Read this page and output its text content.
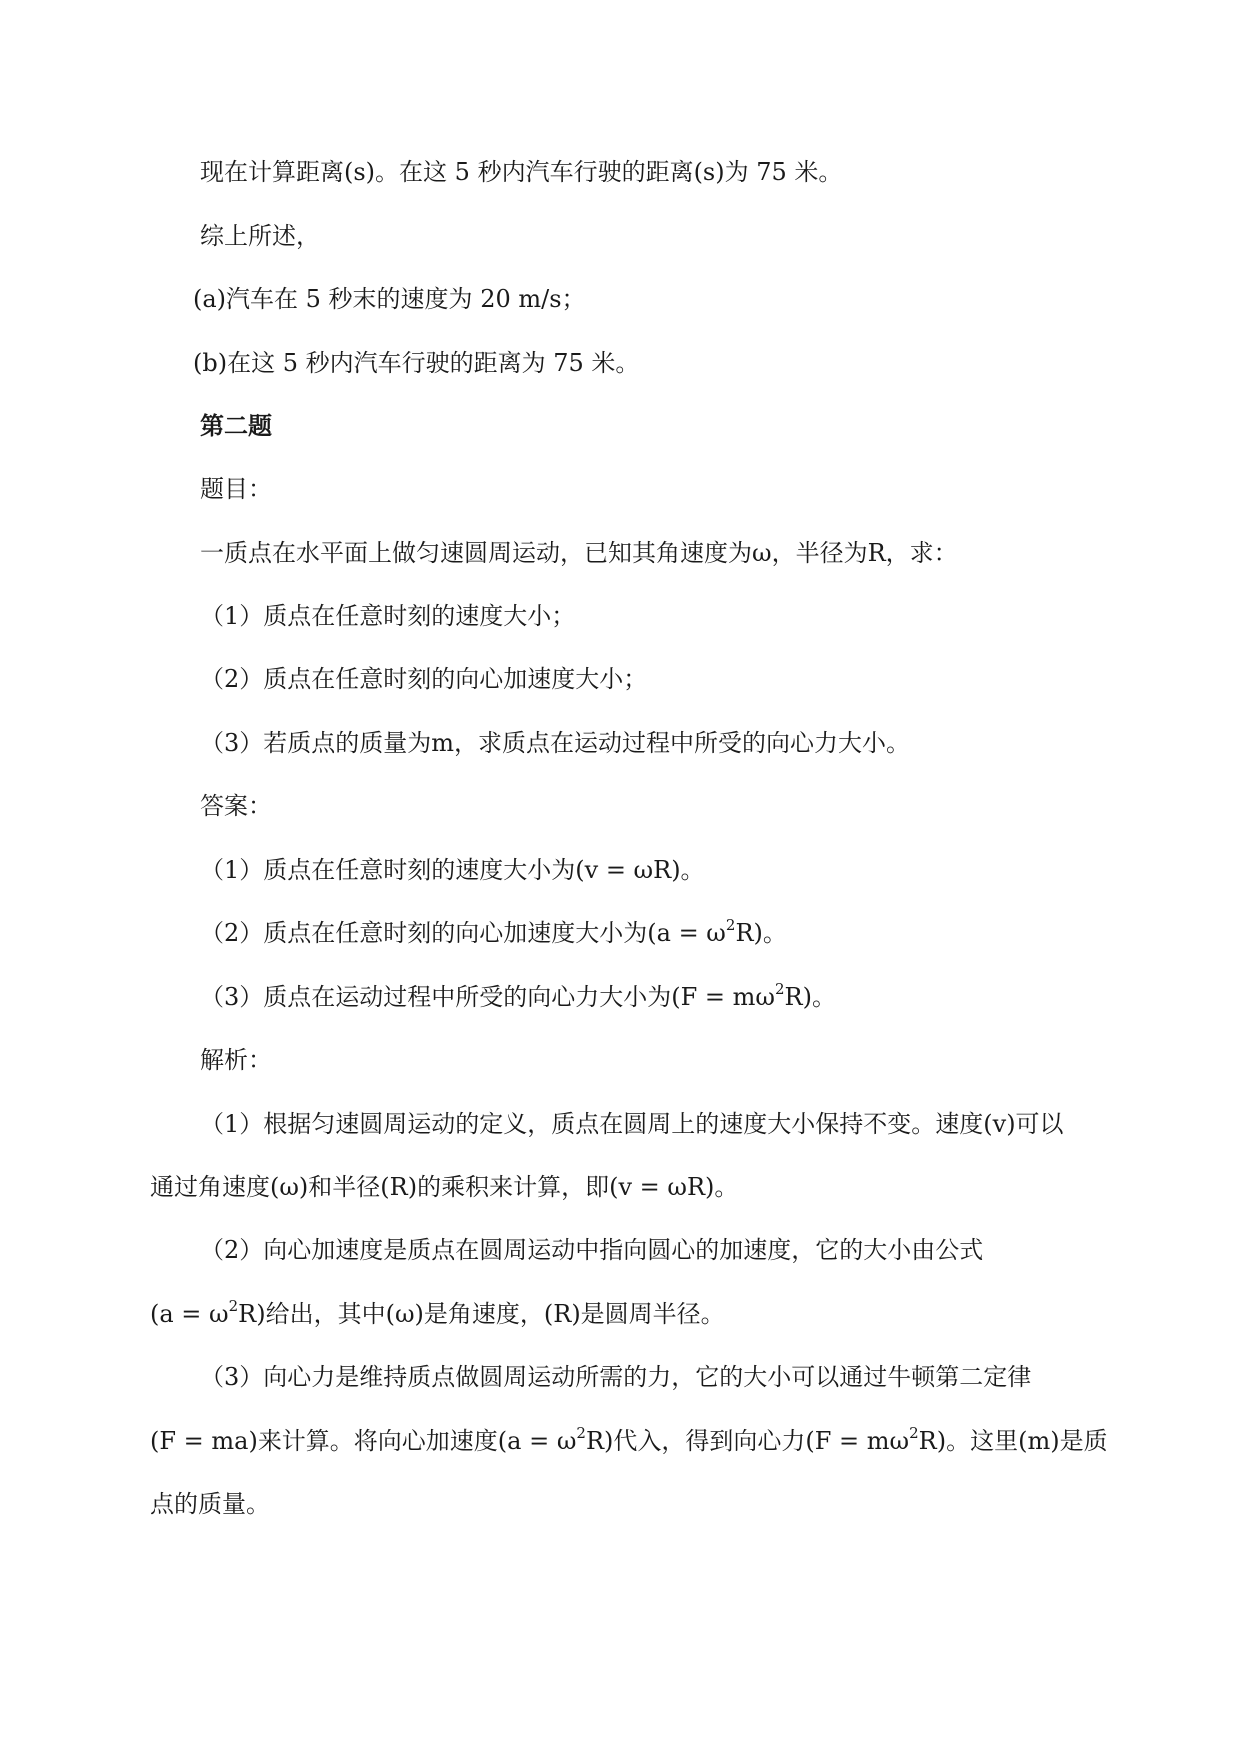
现在计算距离(s)。在这 5 秒内汽车行驶的距离(s)为 75 米。
综上所述，
(a)汽车在 5 秒末的速度为 20 m/s；
(b)在这 5 秒内汽车行驶的距离为 75 米。
第二题
题目：
一质点在水平面上做匀速圆周运动，已知其角速度为ω，半径为R，求：
（1）质点在任意时刻的速度大小；
（2）质点在任意时刻的向心加速度大小；
（3）若质点的质量为m，求质点在运动过程中所受的向心力大小。
答案：
（1）质点在任意时刻的速度大小为(v = ωR)。
（2）质点在任意时刻的向心加速度大小为$(a = \omega^2R)$。
（3）质点在运动过程中所受的向心力大小为$(F = m\omega^2R)$。
解析：
（1）根据匀速圆周运动的定义，质点在圆周上的速度大小保持不变。速度(v)可以
通过角速度(ω)和半径(R)的乘积来计算，即(v = ωR)。
（2）向心加速度是质点在圆周运动中指向圆心的加速度，它的大小由公式
$(a = \omega^2R)$给出，其中(ω)是角速度，(R)是圆周半径。
（3）向心力是维持质点做圆周运动所需的力，它的大小可以通过牛顿第二定律
(F = ma)来计算。将向心加速度$(a = \omega^2R)$代入，得到向心力$(F = m\omega^2R)$。这里(m)是质
点的质量。
